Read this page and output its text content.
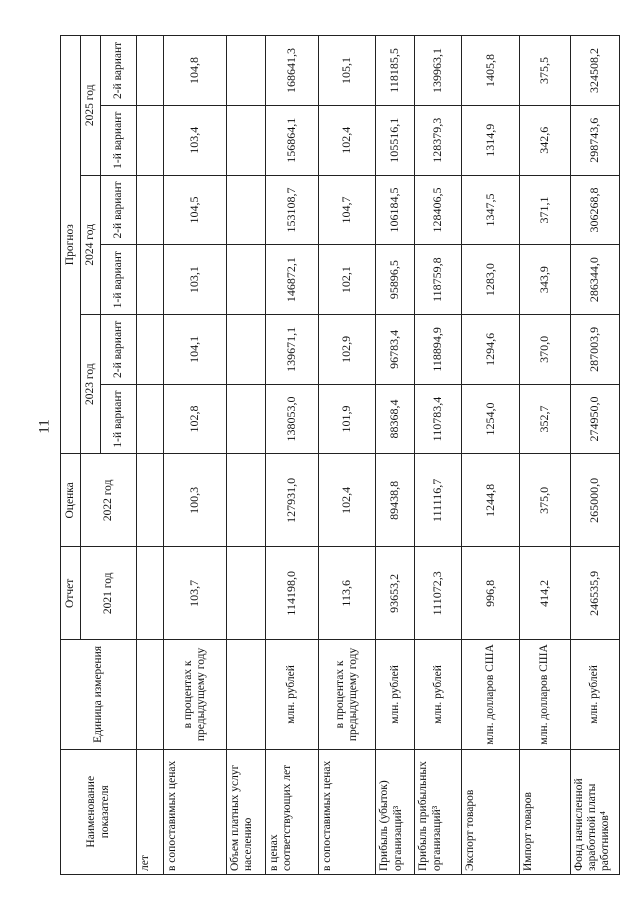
11
Наименование показателя	Единица измерения	Отчет	Оценка	Прогноз					
		2021 год	2022 год	2023 год		2024 год		2025 год	
				1-й вариант	2-й вариант	1-й вариант	2-й вариант	1-й вариант	2-й вариант
лет									
в сопоставимых ценах	в процентах к предыдущему году	103,7	100,3	102,8	104,1	103,1	104,5	103,4	104,8
Объем платных услуг населению									
в ценах соответствующих лет	млн. рублей	114198,0	127931,0	138053,0	139671,1	146872,1	153108,7	156864,1	168641,3
в сопоставимых ценах	в процентах к предыдущему году	113,6	102,4	101,9	102,9	102,1	104,7	102,4	105,1
Прибыль (убыток) организаций³	млн. рублей	93653,2	89438,8	88368,4	96783,4	95896,5	106184,5	105516,1	118185,5
Прибыль прибыльных организаций³	млн. рублей	111072,3	111116,7	110783,4	118894,9	118759,8	128406,5	128379,3	139963,1
Экспорт товаров	млн. долларов США	996,8	1244,8	1254,0	1294,6	1283,0	1347,5	1314,9	1405,8
Импорт товаров	млн. долларов США	414,2	375,0	352,7	370,0	343,9	371,1	342,6	375,5
Фонд начисленной заработной платы работников⁴	млн. рублей	246535,9	265000,0	274950,0	287003,9	286344,0	306268,8	298743,6	324508,2
